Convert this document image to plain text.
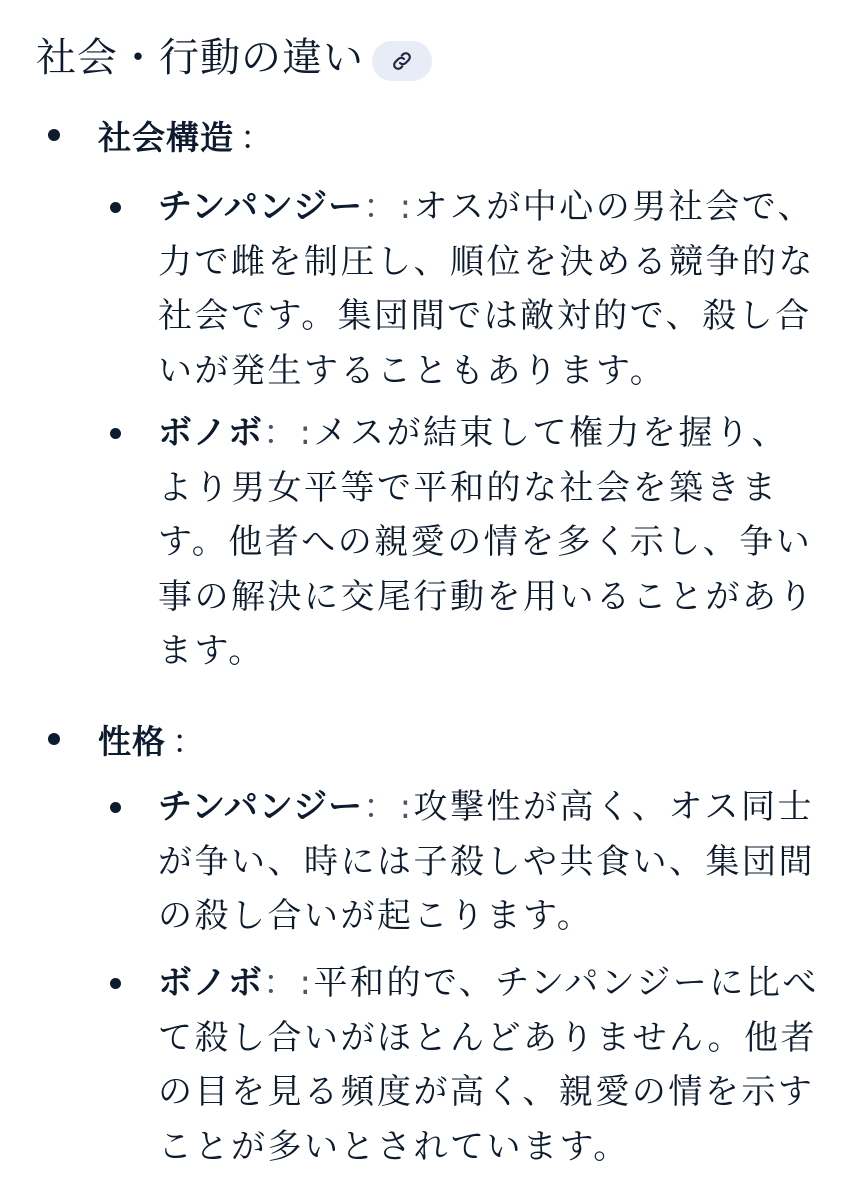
社会・行動の違い
社会構造 ：
チンパンジー：:オスが中心の男社会で、力で雌を制圧し、順位を決める競争的な社会です。集団間では敵対的で、殺し合いが発生することもあります。
ボノボ：:メスが結束して権力を握り、より男女平等で平和的な社会を築きます。他者への親愛の情を多く示し、争い事の解決に交尾行動を用いることがあります。
性格 ：
チンパンジー：:攻撃性が高く、オス同士が争い、時には子殺しや共食い、集団間の殺し合いが起こります。
ボノボ：:平和的で、チンパンジーに比べて殺し合いがほとんどありません。他者の目を見る頻度が高く、親愛の情を示すことが多いとされています。
